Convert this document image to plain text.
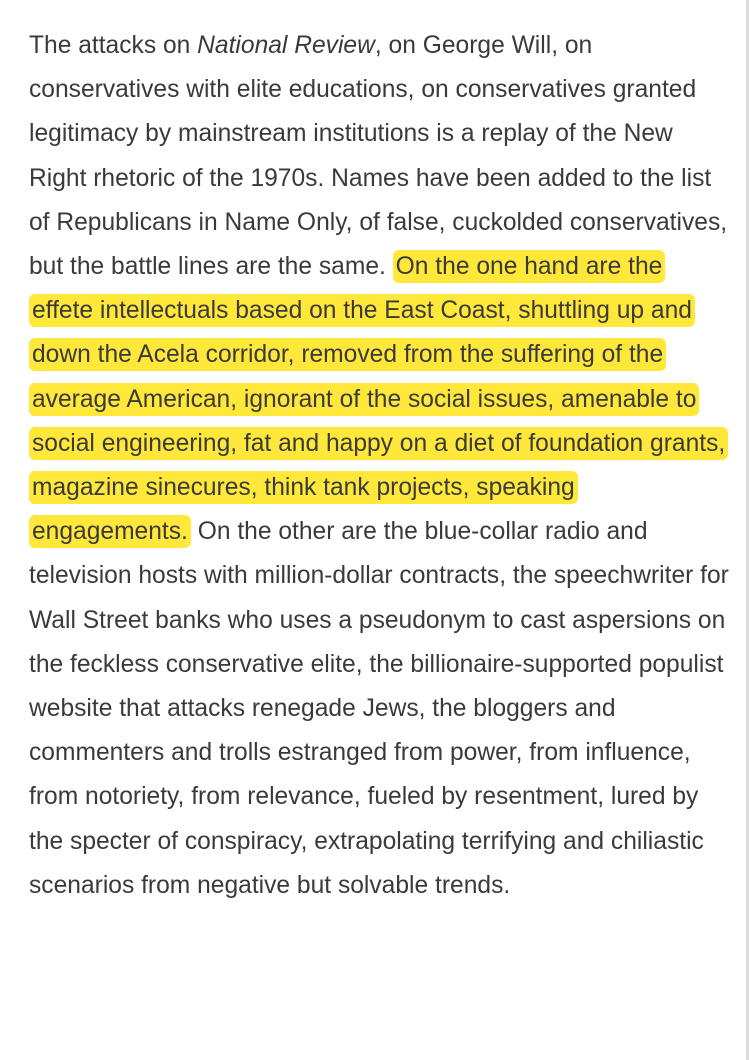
The attacks on National Review, on George Will, on conservatives with elite educations, on conservatives granted legitimacy by mainstream institutions is a replay of the New Right rhetoric of the 1970s. Names have been added to the list of Republicans in Name Only, of false, cuckolded conservatives, but the battle lines are the same. On the one hand are the effete intellectuals based on the East Coast, shuttling up and down the Acela corridor, removed from the suffering of the average American, ignorant of the social issues, amenable to social engineering, fat and happy on a diet of foundation grants, magazine sinecures, think tank projects, speaking engagements. On the other are the blue-collar radio and television hosts with million-dollar contracts, the speechwriter for Wall Street banks who uses a pseudonym to cast aspersions on the feckless conservative elite, the billionaire-supported populist website that attacks renegade Jews, the bloggers and commenters and trolls estranged from power, from influence, from notoriety, from relevance, fueled by resentment, lured by the specter of conspiracy, extrapolating terrifying and chiliastic scenarios from negative but solvable trends.
